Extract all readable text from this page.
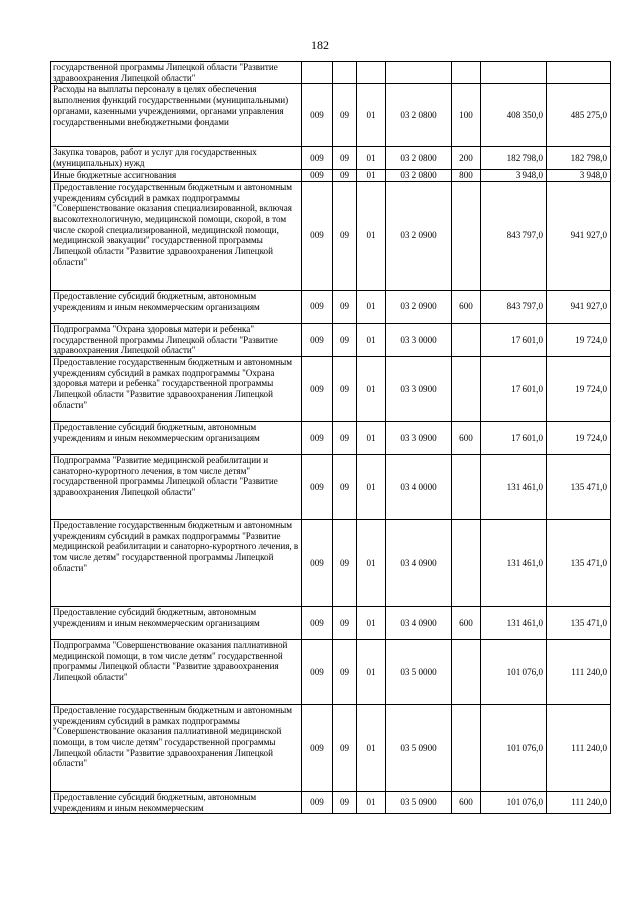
182
государственной программы Липецкой области "Развитие здравоохранения Липецкой области"							
Расходы на выплаты персоналу в целях обеспечения выполнения функций государственными (муниципальными) органами, казенными учреждениями, органами управления государственными внебюджетными фондами	009	09	01	03 2 0800	100	408 350,0	485 275,0
Закупка товаров, работ и услуг для государственных (муниципальных) нужд	009	09	01	03 2 0800	200	182 798,0	182 798,0
Иные бюджетные ассигнования	009	09	01	03 2 0800	800	3 948,0	3 948,0
Предоставление государственным бюджетным и автономным учреждениям субсидий в рамках подпрограммы "Совершенствование оказания специализированной, включая высокотехнологичную, медицинской помощи, скорой, в том числе скорой специализированной, медицинской помощи, медицинской эвакуации" государственной программы Липецкой области "Развитие здравоохранения Липецкой области"	009	09	01	03 2 0900		843 797,0	941 927,0
Предоставление субсидий бюджетным, автономным учреждениям и иным некоммерческим организациям	009	09	01	03 2 0900	600	843 797,0	941 927,0
Подпрограмма "Охрана здоровья матери и ребенка" государственной программы Липецкой области "Развитие здравоохранения Липецкой области"	009	09	01	03 3 0000		17 601,0	19 724,0
Предоставление государственным бюджетным и автономным учреждениям субсидий в рамках подпрограммы "Охрана здоровья матери и ребенка" государственной программы Липецкой области "Развитие здравоохранения Липецкой области"	009	09	01	03 3 0900		17 601,0	19 724,0
Предоставление субсидий бюджетным, автономным учреждениям и иным некоммерческим организациям	009	09	01	03 3 0900	600	17 601,0	19 724,0
Подпрограмма "Развитие медицинской реабилитации и санаторно-курортного лечения, в том числе детям" государственной программы Липецкой области "Развитие здравоохранения Липецкой области"	009	09	01	03 4 0000		131 461,0	135 471,0
Предоставление государственным бюджетным и автономным учреждениям субсидий в рамках подпрограммы "Развитие медицинской реабилитации и санаторно-курортного лечения, в том числе детям" государственной программы Липецкой области"	009	09	01	03 4 0900		131 461,0	135 471,0
Предоставление субсидий бюджетным, автономным учреждениям и иным некоммерческим организациям	009	09	01	03 4 0900	600	131 461,0	135 471,0
Подпрограмма "Совершенствование оказания паллиативной медицинской помощи, в том числе детям" государственной программы Липецкой области "Развитие здравоохранения Липецкой области"	009	09	01	03 5 0000		101 076,0	111 240,0
Предоставление государственным бюджетным и автономным учреждениям субсидий в рамках подпрограммы "Совершенствование оказания паллиативной медицинской помощи, в том числе детям" государственной программы Липецкой области "Развитие здравоохранения Липецкой области"	009	09	01	03 5 0900		101 076,0	111 240,0
Предоставление субсидий бюджетным, автономным учреждениям и иным некоммерческим	009	09	01	03 5 0900	600	101 076,0	111 240,0
